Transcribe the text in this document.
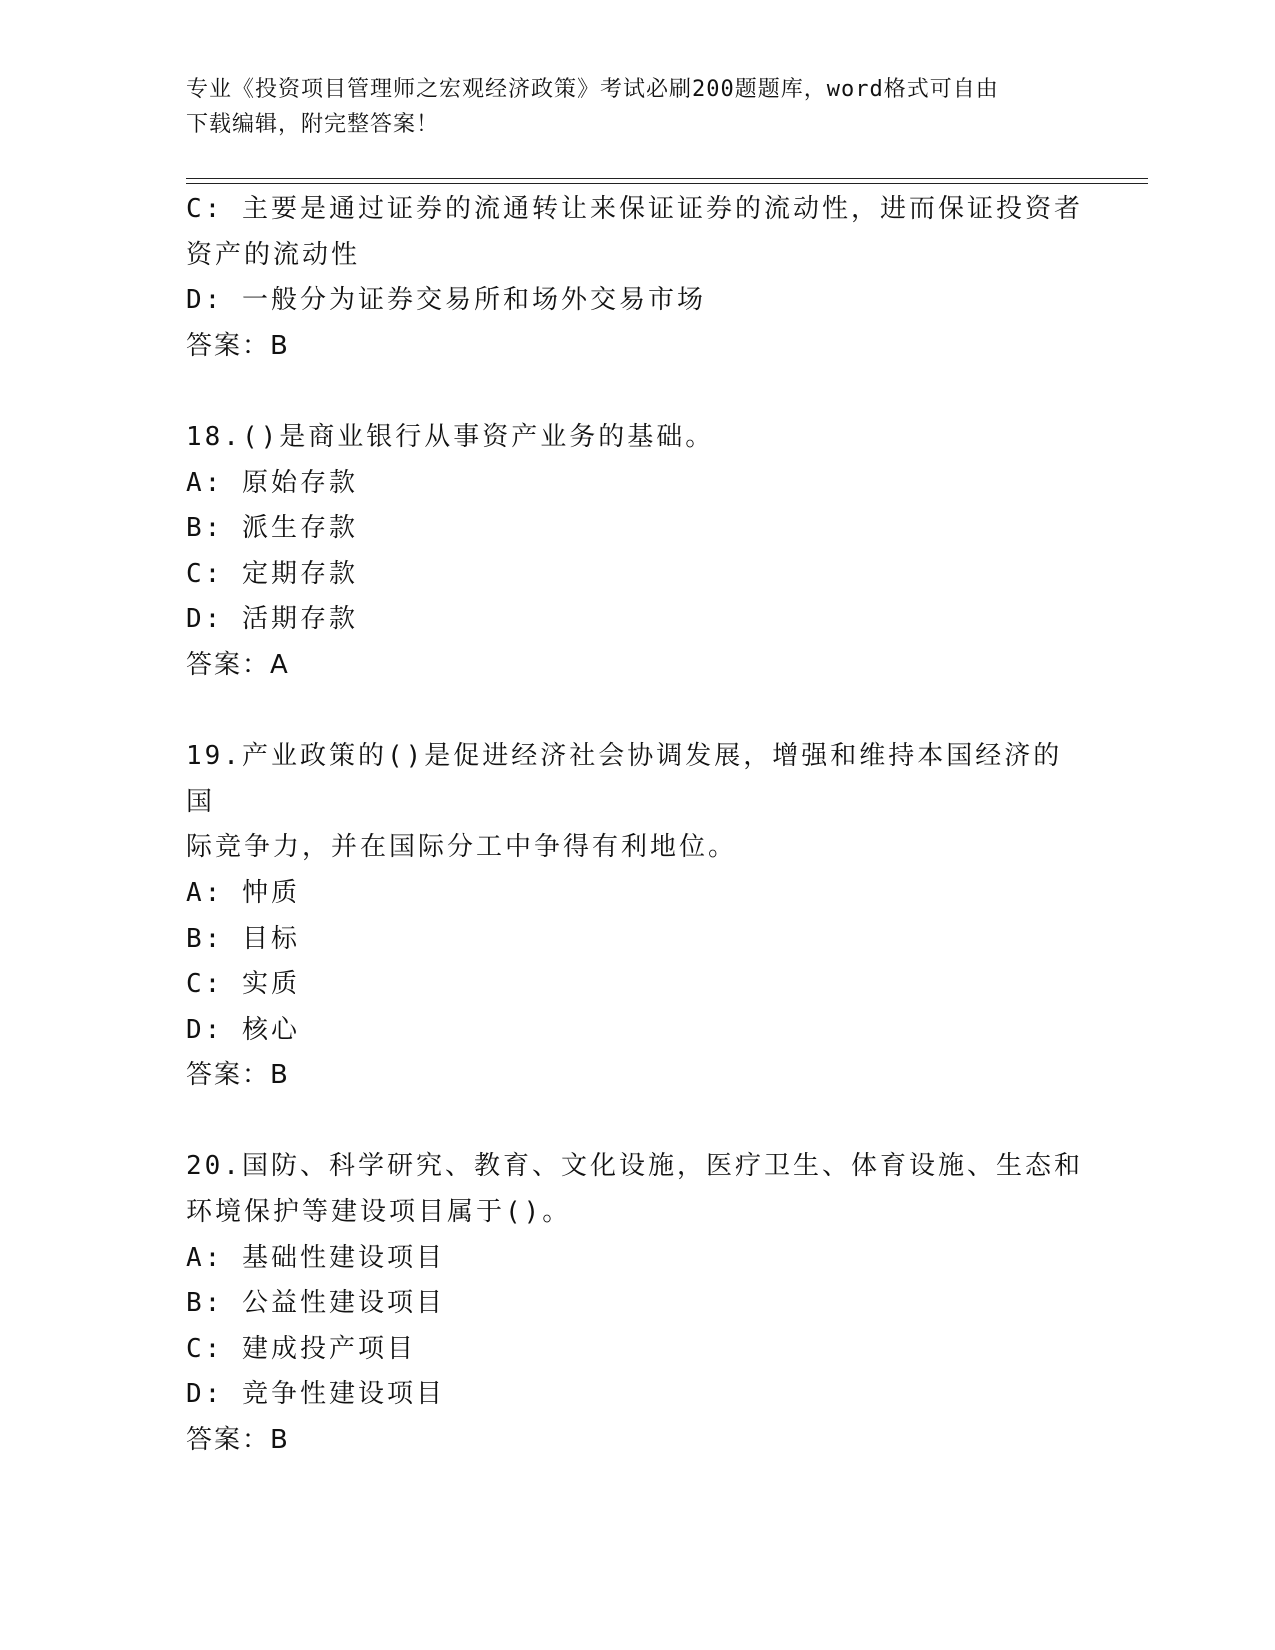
专业《投资项目管理师之宏观经济政策》考试必刷200题题库，word格式可自由
下载编辑，附完整答案！
C: 主要是通过证券的流通转让来保证证券的流动性，进而保证投资者
资产的流动性
D: 一般分为证券交易所和场外交易市场
答案：B
18.()是商业银行从事资产业务的基础。
A: 原始存款
B: 派生存款
C: 定期存款
D: 活期存款
答案：A
19.产业政策的()是促进经济社会协调发展，增强和维持本国经济的国
际竞争力，并在国际分工中争得有利地位。
A: 忡质
B: 目标
C: 实质
D: 核心
答案：B
20.国防、科学研究、教育、文化设施，医疗卫生、体育设施、生态和
环境保护等建设项目属于()。
A: 基础性建设项目
B: 公益性建设项目
C: 建成投产项目
D: 竞争性建设项目
答案：B
